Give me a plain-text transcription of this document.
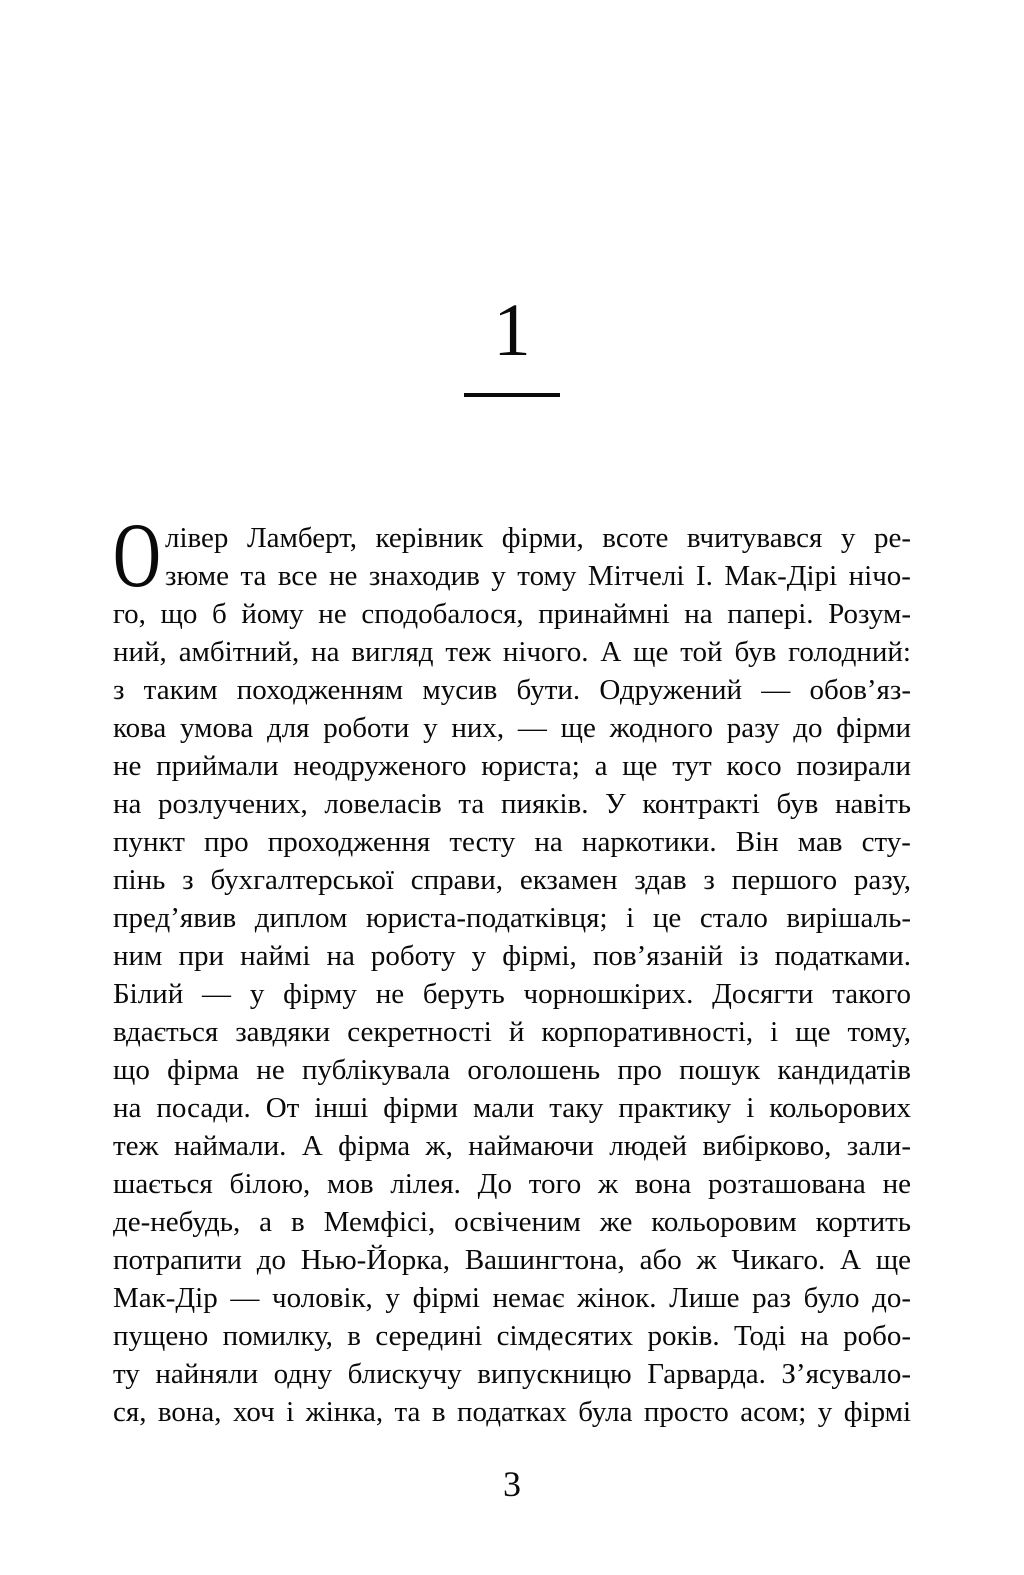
1
О лівер Ламберт, керівник фірми, всоте вчитувався у ре-
зюме та все не знаходив у тому Мітчелі І. Мак-Дірі нічо-
го, що б йому не сподобалося, принаймні на папері. Розум-
ний, амбітний, на вигляд теж нічого. А ще той був голодний:
з таким походженням мусив бути. Одружений — обов’яз-
кова умова для роботи у них, — ще жодного разу до фірми
не приймали неодруженого юриста; а ще тут косо позирали
на розлучених, ловеласів та пияків. У контракті був навіть
пункт про проходження тесту на наркотики. Він мав сту-
пінь з бухгалтерської справи, екзамен здав з першого разу,
пред’явив диплом юриста-податківця; і це стало вирішаль-
ним при наймі на роботу у фірмі, пов’язаній із податками.
Білий — у фірму не беруть чорношкірих. Досягти такого
вдається завдяки секретності й корпоративності, і ще тому,
що фірма не публікувала оголошень про пошук кандидатів
на посади. От інші фірми мали таку практику і кольорових
теж наймали. А фірма ж, наймаючи людей вибірково, зали-
шається білою, мов лілея. До того ж вона розташована не
де-небудь, а в Мемфісі, освіченим же кольоровим кортить
потрапити до Нью-Йорка, Вашингтона, або ж Чикаго. А ще
Мак-Дір — чоловік, у фірмі немає жінок. Лише раз було до-
пущено помилку, в середині сімдесятих років. Тоді на робо-
ту найняли одну блискучу випускницю Гарварда. З’ясувало-
ся, вона, хоч і жінка, та в податках була просто асом; у фірмі
3
